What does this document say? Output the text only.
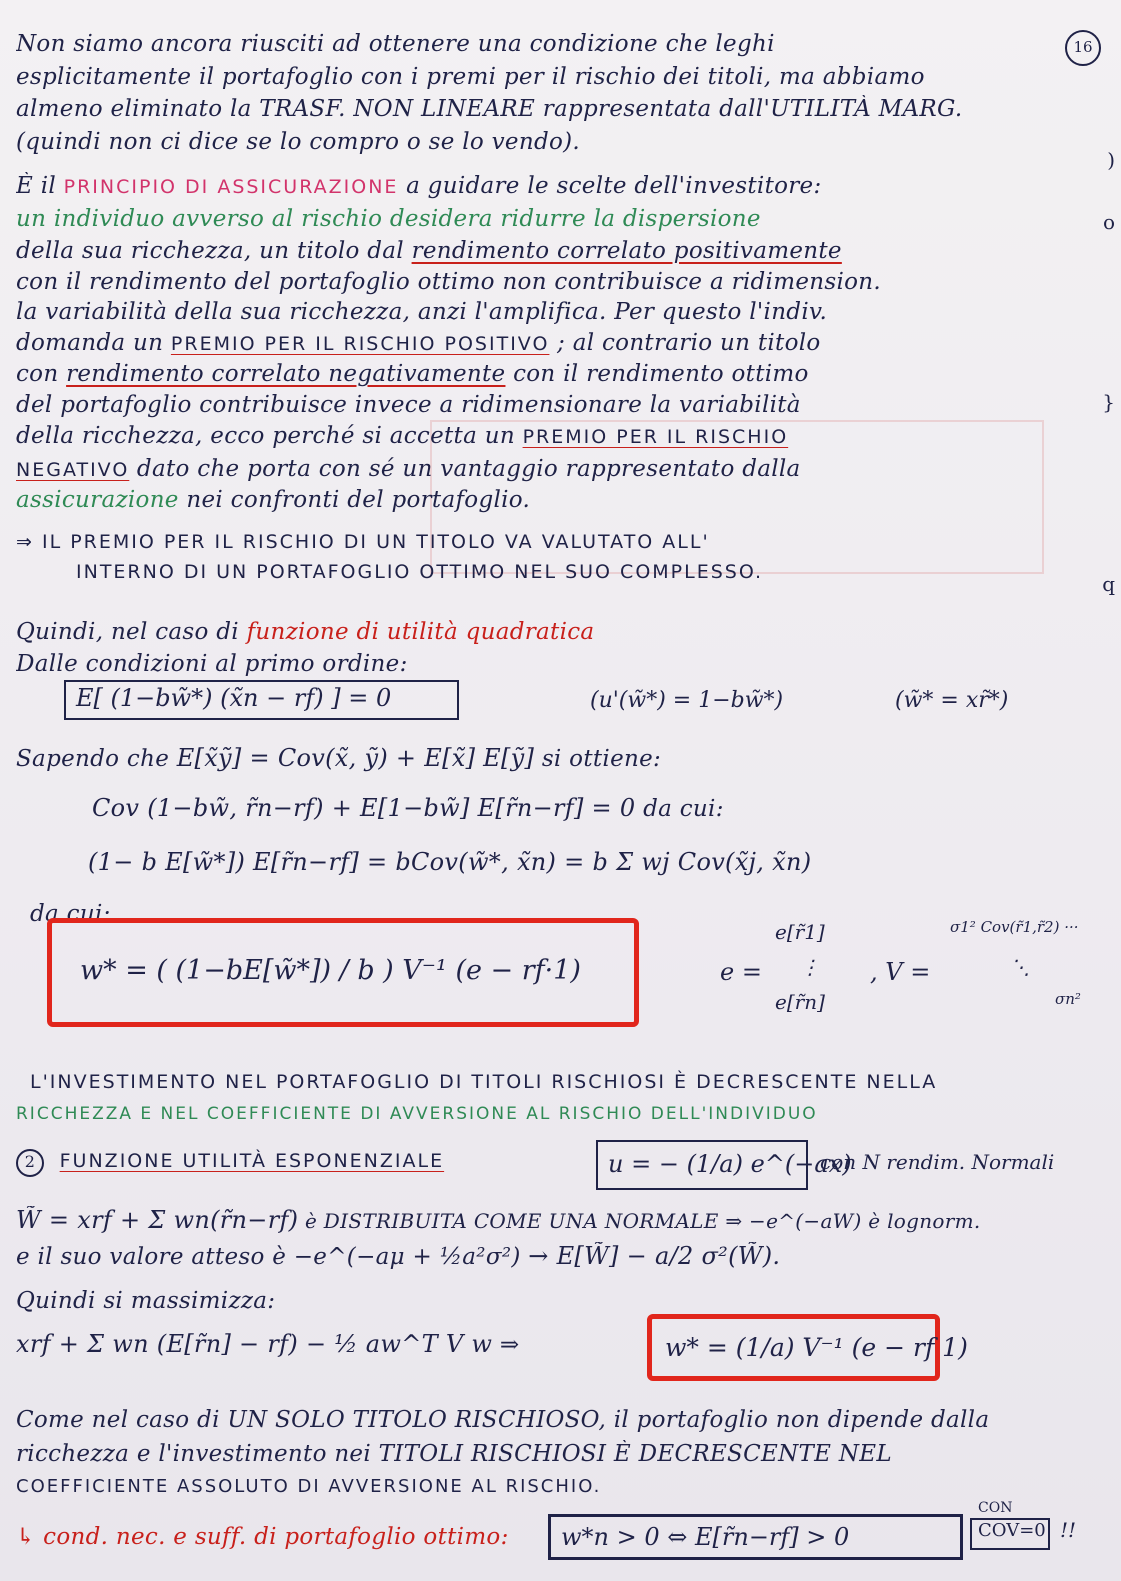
16
Non siamo ancora riusciti ad ottenere una condizione che leghi
esplicitamente il portafoglio con i premi per il rischio dei titoli, ma abbiamo
almeno eliminato la TRASF. NON LINEARE rappresentata dall'UTILITÀ MARG.
(quindi non ci dice se lo compro o se lo vendo).
È il PRINCIPIO DI ASSICURAZIONE a guidare le scelte dell'investitore:
un individuo avverso al rischio desidera ridurre la dispersione
della sua ricchezza, un titolo dal rendimento correlato positivamente
con il rendimento del portafoglio ottimo non contribuisce a ridimension.
la variabilità della sua ricchezza, anzi l'amplifica. Per questo l'indiv.
domanda un PREMIO PER IL RISCHIO POSITIVO ; al contrario un titolo
con rendimento correlato negativamente con il rendimento ottimo
del portafoglio contribuisce invece a ridimensionare la variabilità
della ricchezza, ecco perché si accetta un PREMIO PER IL RISCHIO
NEGATIVO dato che porta con sé un vantaggio rappresentato dalla
assicurazione nei confronti del portafoglio.
⇒ IL PREMIO PER IL RISCHIO DI UN TITOLO VA VALUTATO ALL'
INTERNO DI UN PORTAFOGLIO OTTIMO NEL SUO COMPLESSO.
Quindi, nel caso di funzione di utilità quadratica
Dalle condizioni al primo ordine:
E[ (1−bw̃*) (x̃n − rf) ] = 0	(u'(w̃*) = 1−bw̃*)	(w̃* = xr̃*)
Sapendo che E[x̃ỹ] = Cov(x̃, ỹ) + E[x̃] E[ỹ] si ottiene:
Cov (1−bw̃, r̃n−rf) + E[1−bw̃] E[r̃n−rf] = 0 da cui:
(1− b E[w̃*]) E[r̃n−rf] = bCov(w̃*, x̃n) = b Σ wj Cov(x̃j, x̃n)
da cui:
w* = ( (1−bE[w̃*]) / b ) V⁻¹ (e − rf·1)	e =
e[r̃1]
⋮
e[r̃n]
, V =
σ1² Cov(r̃1,r̃2) ···
⋱
σn²
L'INVESTIMENTO NEL PORTAFOGLIO DI TITOLI RISCHIOSI È DECRESCENTE NELLA
RICCHEZZA E NEL COEFFICIENTE DI AVVERSIONE AL RISCHIO DELL'INDIVIDUO
2 FUNZIONE UTILITÀ ESPONENZIALE	u = − (1/a) e^(−ax)
con N rendim. Normali
W̃ = xrf + Σ wn(r̃n−rf) è DISTRIBUITA COME UNA NORMALE ⇒ −e^(−aW) è lognorm.
e il suo valore atteso è −e^(−aμ + ½a²σ²) → E[W̃] − a/2 σ²(W̃).
Quindi si massimizza:
xrf + Σ wn (E[r̃n] − rf) − ½ aw^T V w ⇒	w* = (1/a) V⁻¹ (e − rf 1)
Come nel caso di UN SOLO TITOLO RISCHIOSO, il portafoglio non dipende dalla
ricchezza e l'investimento nei TITOLI RISCHIOSI È DECRESCENTE NEL
COEFFICIENTE ASSOLUTO DI AVVERSIONE AL RISCHIO.
↳ cond. nec. e suff. di portafoglio ottimo:	w*n > 0 ⇔ E[r̃n−rf] > 0
CON
COV=0 !!
)
o
}
q
